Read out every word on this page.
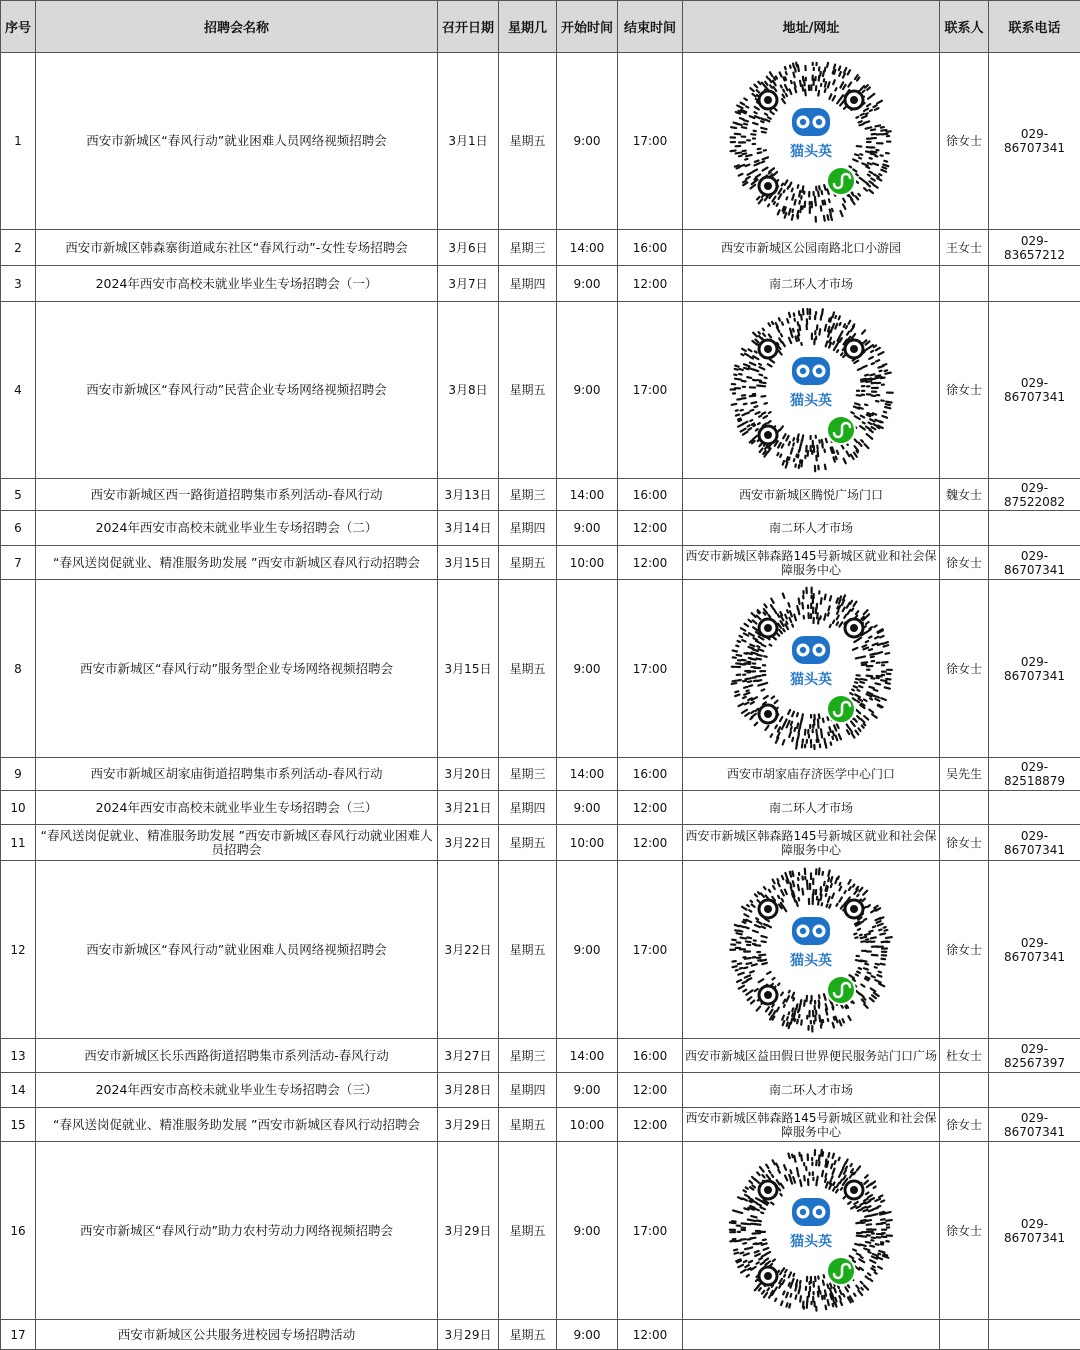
序号	招聘会名称	召开日期	星期几	开始时间	结束时间	地址/网址	联系人	联系电话
1	西安市新城区“春风行动”就业困难人员网络视频招聘会	3月1日	星期五	9:00	17:00	猫头英	徐女士	029-86707341
2	西安市新城区韩森寨街道咸东社区“春风行动”-女性专场招聘会	3月6日	星期三	14:00	16:00	西安市新城区公园南路北口小游园	王女士	029-83657212
3	2024年西安市高校未就业毕业生专场招聘会（一）	3月7日	星期四	9:00	12:00	南二环人才市场		
4	西安市新城区“春风行动”民营企业专场网络视频招聘会	3月8日	星期五	9:00	17:00	猫头英	徐女士	029-86707341
5	西安市新城区西一路街道招聘集市系列活动-春风行动	3月13日	星期三	14:00	16:00	西安市新城区腾悦广场门口	魏女士	029-87522082
6	2024年西安市高校未就业毕业生专场招聘会（二）	3月14日	星期四	9:00	12:00	南二环人才市场		
7	“春风送岗促就业、精准服务助发展 ”西安市新城区春风行动招聘会	3月15日	星期五	10:00	12:00	西安市新城区韩森路145号新城区就业和社会保障服务中心	徐女士	029-86707341
8	西安市新城区“春风行动”服务型企业专场网络视频招聘会	3月15日	星期五	9:00	17:00	猫头英	徐女士	029-86707341
9	西安市新城区胡家庙街道招聘集市系列活动-春风行动	3月20日	星期三	14:00	16:00	西安市胡家庙存济医学中心门口	吴先生	029-82518879
10	2024年西安市高校未就业毕业生专场招聘会（三）	3月21日	星期四	9:00	12:00	南二环人才市场		
11	“春风送岗促就业、精准服务助发展 ”西安市新城区春风行动就业困难人员招聘会	3月22日	星期五	10:00	12:00	西安市新城区韩森路145号新城区就业和社会保障服务中心	徐女士	029-86707341
12	西安市新城区“春风行动”就业困难人员网络视频招聘会	3月22日	星期五	9:00	17:00	猫头英	徐女士	029-86707341
13	西安市新城区长乐西路街道招聘集市系列活动-春风行动	3月27日	星期三	14:00	16:00	西安市新城区益田假日世界便民服务站门口广场	杜女士	029-82567397
14	2024年西安市高校未就业毕业生专场招聘会（三）	3月28日	星期四	9:00	12:00	南二环人才市场		
15	“春风送岗促就业、精准服务助发展 ”西安市新城区春风行动招聘会	3月29日	星期五	10:00	12:00	西安市新城区韩森路145号新城区就业和社会保障服务中心	徐女士	029-86707341
16	西安市新城区“春风行动”助力农村劳动力网络视频招聘会	3月29日	星期五	9:00	17:00	猫头英	徐女士	029-86707341
17	西安市新城区公共服务进校园专场招聘活动	3月29日	星期五	9:00	12:00			
